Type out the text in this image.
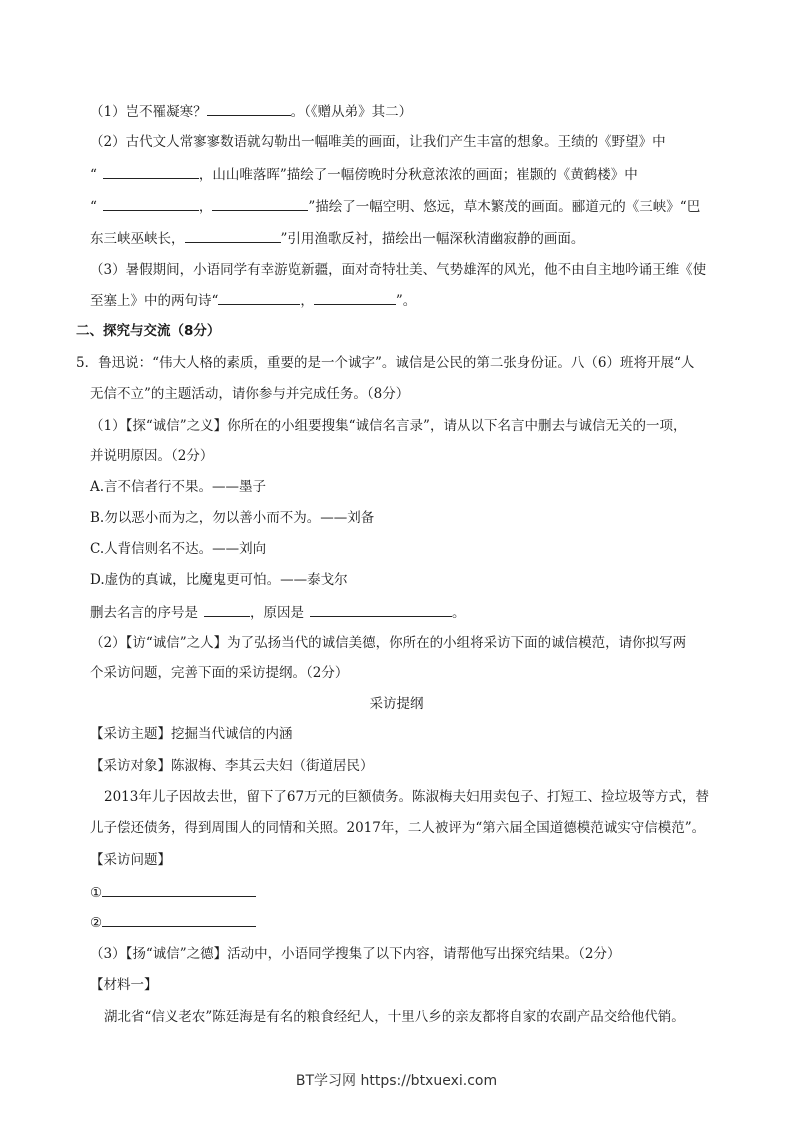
（1）岂不罹凝寒？	。（《赠从弟》其二）
（2）古代文人常寥寥数语就勾勒出一幅唯美的画面，让我们产生丰富的想象。王绩的《野望》中
“	，山山唯落晖”描绘了一幅傍晚时分秋意浓浓的画面；崔颢的《黄鹤楼》中
“	，	”描绘了一幅空明、悠远，草木繁茂的画面。郦道元的《三峡》“巴
东三峡巫峡长，	”引用渔歌反衬，描绘出一幅深秋清幽寂静的画面。
（3）暑假期间，小语同学有幸游览新疆，面对奇特壮美、气势雄浑的风光，他不由自主地吟诵王维《使
至塞上》中的两句诗“	，	”。
二、探究与交流（8分）
5．鲁迅说：“伟大人格的素质，重要的是一个诚字”。诚信是公民的第二张身份证。八（6）班将开展“人
无信不立”的主题活动，请你参与并完成任务。（8分）
（1）【探“诚信”之义】你所在的小组要搜集“诚信名言录”，请从以下名言中删去与诚信无关的一项，
并说明原因。（2分）
A.言不信者行不果。——墨子
B.勿以恶小而为之，勿以善小而不为。——刘备
C.人背信则名不达。——刘向
D.虚伪的真诚，比魔鬼更可怕。——泰戈尔
删去名言的序号是	，原因是	。
（2）【访“诚信”之人】为了弘扬当代的诚信美德，你所在的小组将采访下面的诚信模范，请你拟写两
个采访问题，完善下面的采访提纲。（2分）
采访提纲
【采访主题】挖掘当代诚信的内涵
【采访对象】陈淑梅、李其云夫妇（街道居民）
2013年儿子因故去世，留下了67万元的巨额债务。陈淑梅夫妇用卖包子、打短工、捡垃圾等方式，替
儿子偿还债务，得到周围人的同情和关照。2017年，二人被评为“第六届全国道德模范诚实守信模范”。
【采访问题】
①
②
（3）【扬“诚信”之德】活动中，小语同学搜集了以下内容，请帮他写出探究结果。（2分）
【材料一】
湖北省“信义老农”陈廷海是有名的粮食经纪人，十里八乡的亲友都将自家的农副产品交给他代销。
BT学习网 https://btxuexi.com
